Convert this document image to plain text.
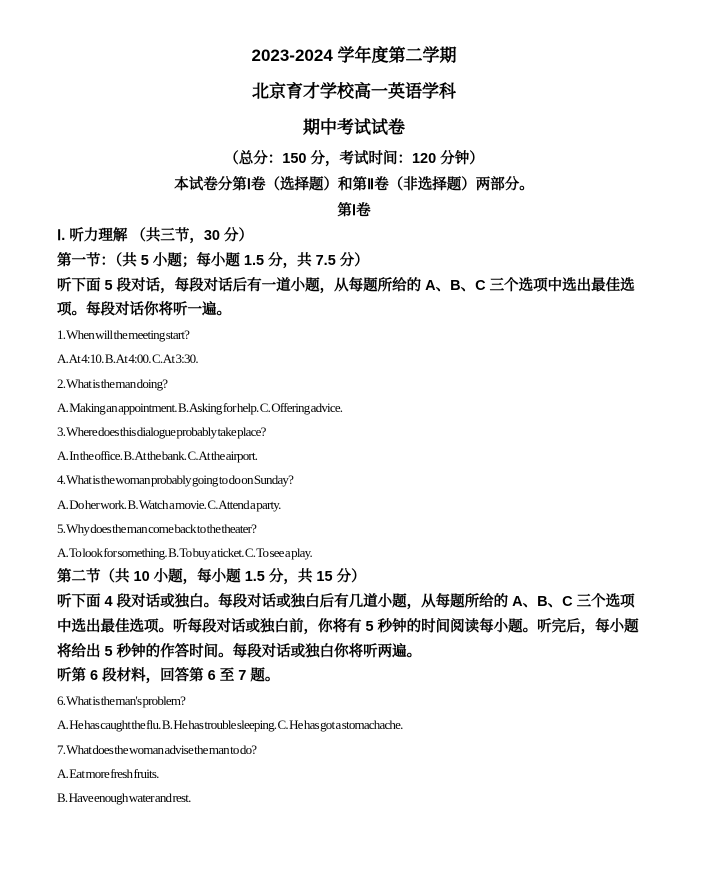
2023-2024 学年度第二学期
北京育才学校高一英语学科
期中考试试卷
（总分：150 分，考试时间：120 分钟）
本试卷分第Ⅰ卷（选择题）和第Ⅱ卷（非选择题）两部分。
第Ⅰ卷
Ⅰ. 听力理解 （共三节，30 分）
第一节：（共 5 小题；每小题 1.5 分，共 7.5 分）
听下面 5 段对话，每段对话后有一道小题，从每题所给的 A、B、C 三个选项中选出最佳选
项。每段对话你将听一遍。
1. When will the meeting start?
A. At 4:10. B. At 4:00. C. At 3:30.
2. What is the man doing?
A. Making an appointment. B. Asking for help. C. Offering advice.
3. Where does this dialogue probably take place?
A. In the office. B. At the bank. C. At the airport.
4. What is the woman probably going to do on Sunday?
A. Do her work. B. Watch a movie. C. Attend a party.
5. Why does the man come back to the theater?
A. To look for something. B. To buy a ticket. C. To see a play.
第二节（共 10 小题，每小题 1.5 分，共 15 分）
听下面 4 段对话或独白。每段对话或独白后有几道小题，从每题所给的 A、B、C 三个选项
中选出最佳选项。听每段对话或独白前，你将有 5 秒钟的时间阅读每小题。听完后，每小题
将给出 5 秒钟的作答时间。每段对话或独白你将听两遍。
听第 6 段材料，回答第 6 至 7 题。
6. What is the man's problem?
A. He has caught the flu. B. He has trouble sleeping. C. He has got a stomachache.
7. What does the woman advise the man to do?
A. Eat more fresh fruits.
B. Have enough water and rest.
